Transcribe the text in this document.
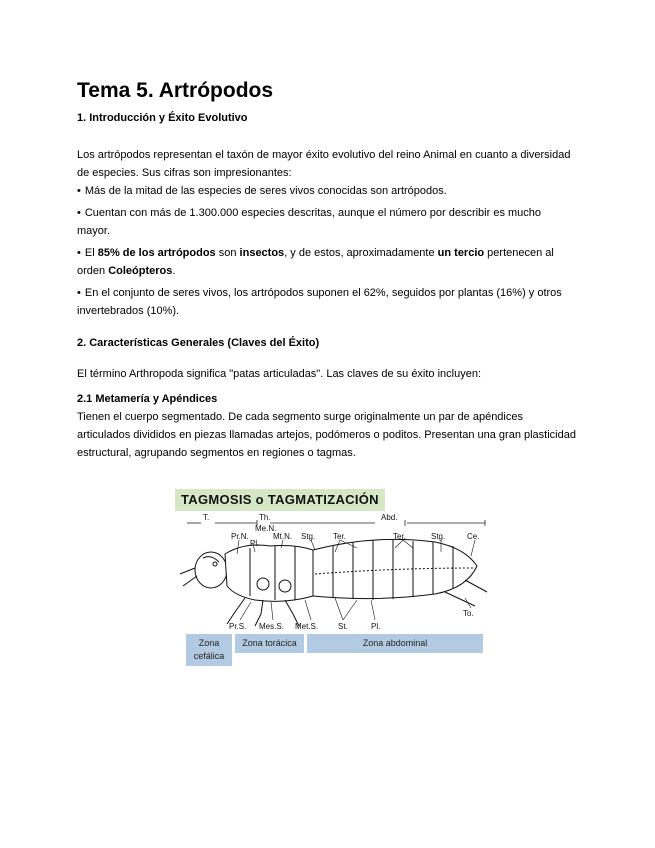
Tema 5. Artrópodos
1. Introducción y Éxito Evolutivo

Los artrópodos representan el taxón de mayor éxito evolutivo del reino Animal en cuanto a diversidad de especies. Sus cifras son impresionantes:

• Más de la mitad de las especies de seres vivos conocidas son artrópodos.
• Cuentan con más de 1.300.000 especies descritas, aunque el número por describir es mucho mayor.
• El 85% de los artrópodos son insectos, y de estos, aproximadamente un tercio pertenecen al orden Coleópteros.
• En el conjunto de seres vivos, los artrópodos suponen el 62%, seguidos por plantas (16%) y otros invertebrados (10%).
2. Características Generales (Claves del Éxito)

El término Arthropoda significa "patas articuladas". Las claves de su éxito incluyen:

2.1 Metamería y Apéndices

Tienen el cuerpo segmentado. De cada segmento surge originalmente un par de apéndices articulados divididos en piezas llamadas artejos, podómeros o poditos. Presentan una gran plasticidad estructural, agrupando segmentos en regiones o tagmas.

T.	Th.	Abd.
Me.N.
Pr.N.
Pl.
Mt.N. Stg. Ter.	Ter.	Stg.	Ce.
Pr.S. Mes.S. Met.S. St.	Pl.
To.
TAGMOSIS o TAGMATIZACIÓN
Zona cefálica
Zona torácica	Zona abdominal
